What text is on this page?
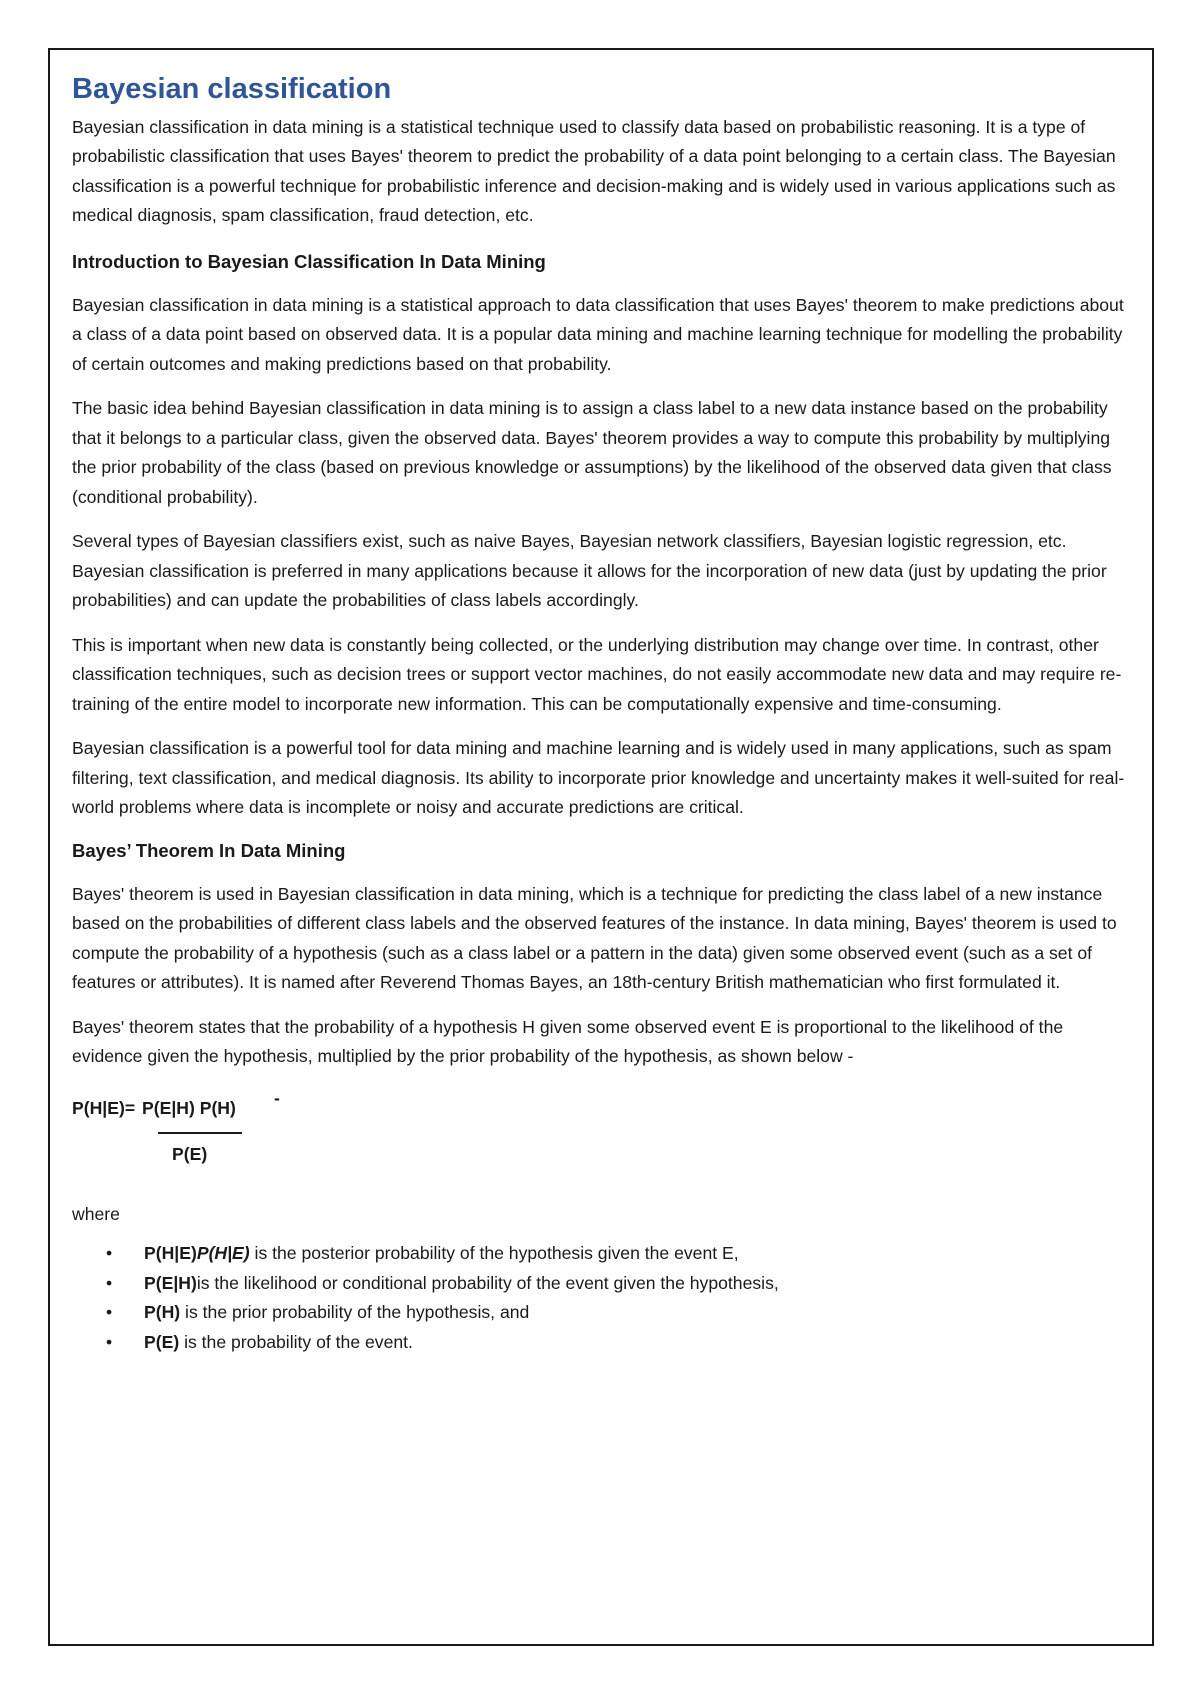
Bayesian classification

Bayesian classification in data mining is a statistical technique used to classify data based on probabilistic reasoning. It is a type of probabilistic classification that uses Bayes' theorem to predict the probability of a data point belonging to a certain class. The Bayesian classification is a powerful technique for probabilistic inference and decision-making and is widely used in various applications such as medical diagnosis, spam classification, fraud detection, etc.

Introduction to Bayesian Classification In Data Mining

Bayesian classification in data mining is a statistical approach to data classification that uses Bayes' theorem to make predictions about a class of a data point based on observed data. It is a popular data mining and machine learning technique for modelling the probability of certain outcomes and making predictions based on that probability.

The basic idea behind Bayesian classification in data mining is to assign a class label to a new data instance based on the probability that it belongs to a particular class, given the observed data. Bayes' theorem provides a way to compute this probability by multiplying the prior probability of the class (based on previous knowledge or assumptions) by the likelihood of the observed data given that class (conditional probability).

Several types of Bayesian classifiers exist, such as naive Bayes, Bayesian network classifiers, Bayesian logistic regression, etc. Bayesian classification is preferred in many applications because it allows for the incorporation of new data (just by updating the prior probabilities) and can update the probabilities of class labels accordingly.

This is important when new data is constantly being collected, or the underlying distribution may change over time. In contrast, other classification techniques, such as decision trees or support vector machines, do not easily accommodate new data and may require re-training of the entire model to incorporate new information. This can be computationally expensive and time-consuming.

Bayesian classification is a powerful tool for data mining and machine learning and is widely used in many applications, such as spam filtering, text classification, and medical diagnosis. Its ability to incorporate prior knowledge and uncertainty makes it well-suited for real-world problems where data is incomplete or noisy and accurate predictions are critical.

Bayes’ Theorem In Data Mining

Bayes' theorem is used in Bayesian classification in data mining, which is a technique for predicting the class label of a new instance based on the probabilities of different class labels and the observed features of the instance. In data mining, Bayes' theorem is used to compute the probability of a hypothesis (such as a class label or a pattern in the data) given some observed event (such as a set of features or attributes). It is named after Reverend Thomas Bayes, an 18th-century British mathematician who first formulated it.

Bayes' theorem states that the probability of a hypothesis H given some observed event E is proportional to the likelihood of the evidence given the hypothesis, multiplied by the prior probability of the hypothesis, as shown below -

-
P(H|E)= P(E|H) P(H)
P(E)

where

• P(H|E)P(H|E) is the posterior probability of the hypothesis given the event E,
• P(E|H)is the likelihood or conditional probability of the event given the hypothesis,
• P(H) is the prior probability of the hypothesis, and
• P(E) is the probability of the event.
